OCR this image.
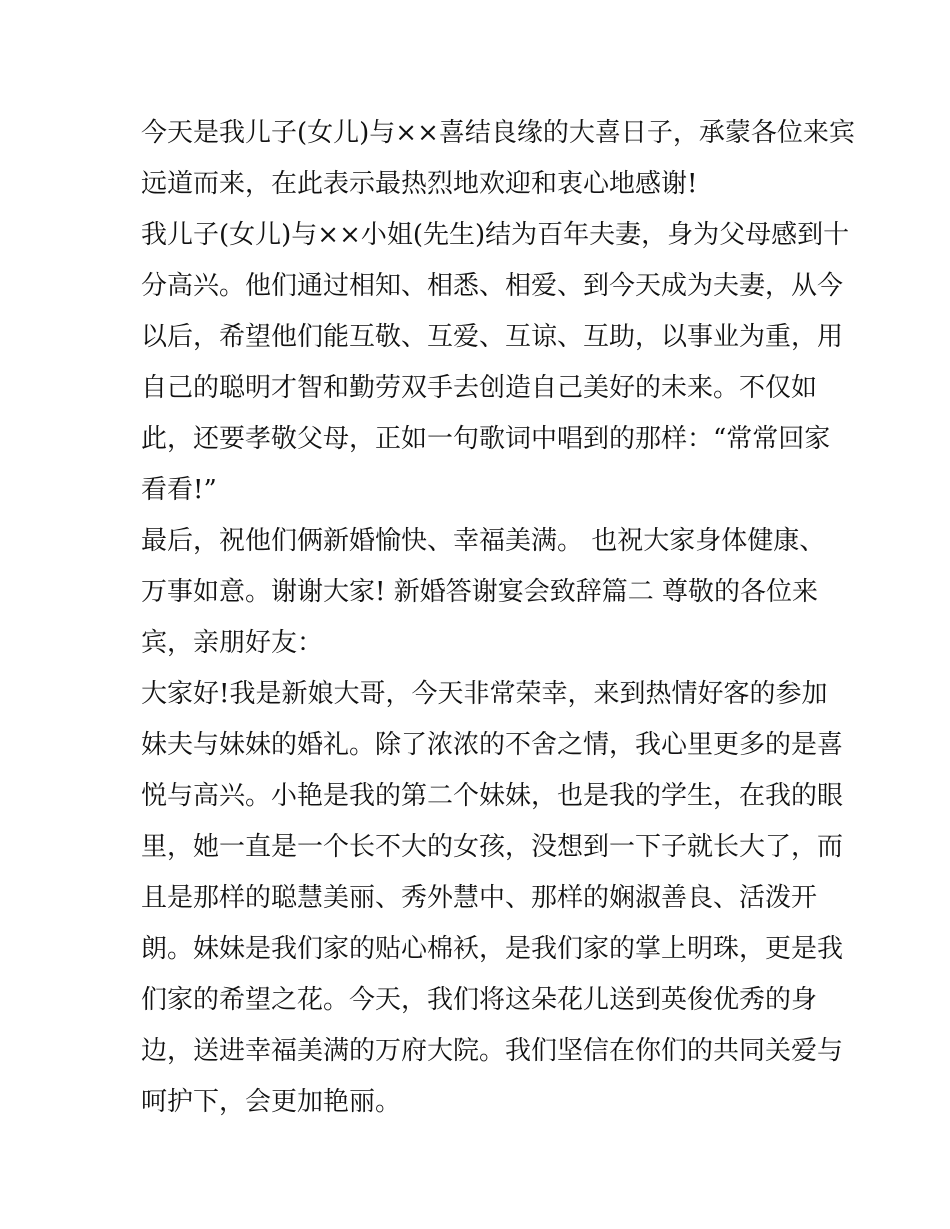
今天是我儿子(女儿)与××喜结良缘的大喜日子，承蒙各位来宾
远道而来，在此表示最热烈地欢迎和衷心地感谢!
我儿子(女儿)与××小姐(先生)结为百年夫妻，身为父母感到十
分高兴。他们通过相知、相悉、相爱、到今天成为夫妻，从今
以后，希望他们能互敬、互爱、互谅、互助，以事业为重，用
自己的聪明才智和勤劳双手去创造自己美好的未来。不仅如
此，还要孝敬父母，正如一句歌词中唱到的那样：“常常回家
看看!”
最后，祝他们俩新婚愉快、幸福美满。 也祝大家身体健康、
万事如意。谢谢大家! 新婚答谢宴会致辞篇二 尊敬的各位来
宾，亲朋好友：
大家好!我是新娘大哥，今天非常荣幸，来到热情好客的参加
妹夫与妹妹的婚礼。除了浓浓的不舍之情，我心里更多的是喜
悦与高兴。小艳是我的第二个妹妹，也是我的学生，在我的眼
里，她一直是一个长不大的女孩，没想到一下子就长大了，而
且是那样的聪慧美丽、秀外慧中、那样的娴淑善良、活泼开
朗。妹妹是我们家的贴心棉袄，是我们家的掌上明珠，更是我
们家的希望之花。今天，我们将这朵花儿送到英俊优秀的身
边，送进幸福美满的万府大院。我们坚信在你们的共同关爱与
呵护下，会更加艳丽。
